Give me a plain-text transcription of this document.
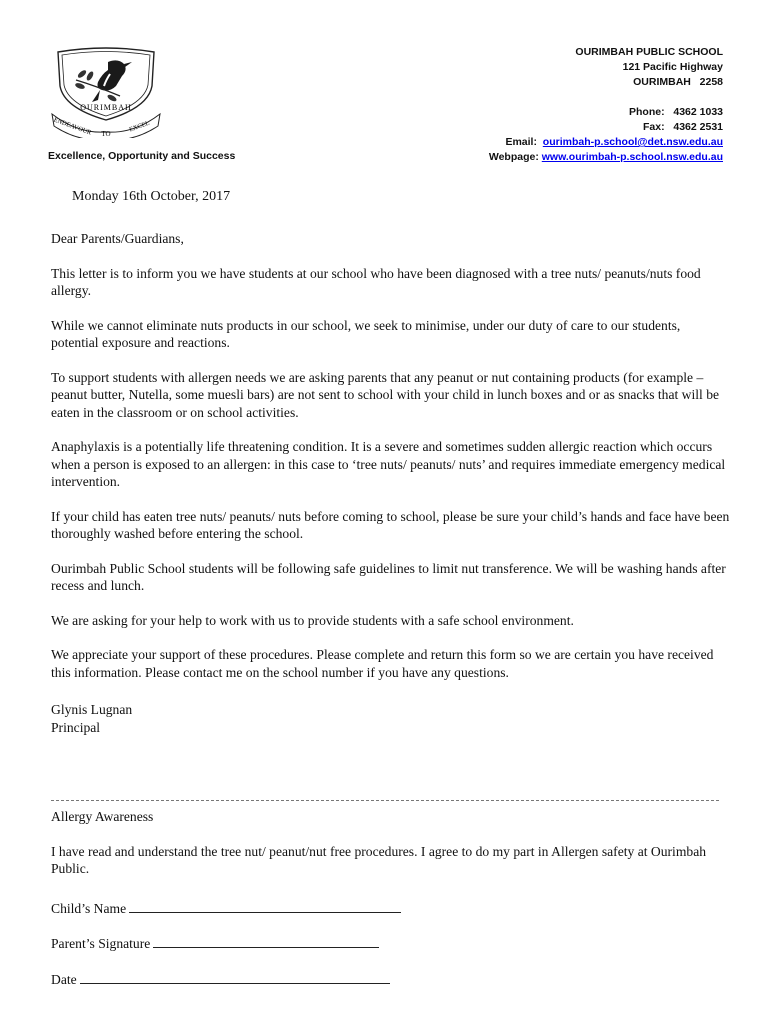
OURIMBAH
ENDEAVOUR TO
EXCEL
Excellence, Opportunity and Success
OURIMBAH PUBLIC SCHOOL
121 Pacific Highway
OURIMBAH   2258
Phone: 4362 1033
Fax: 4362 2531
Email: ourimbah-p.school@det.nsw.edu.au
Webpage: www.ourimbah-p.school.nsw.edu.au
Monday 16th October, 2017

Dear Parents/Guardians,

This letter is to inform you we have students at our school who have been diagnosed with a tree nuts/ peanuts/nuts food allergy.

While we cannot eliminate nuts products in our school, we seek to minimise, under our duty of care to our students, potential exposure and reactions.

To support students with allergen needs we are asking parents that any peanut or nut containing products (for example – peanut butter, Nutella, some muesli bars) are not sent to school with your child in lunch boxes and or as snacks that will be eaten in the classroom or on school activities.

Anaphylaxis is a potentially life threatening condition. It is a severe and sometimes sudden allergic reaction which occurs when a person is exposed to an allergen: in this case to ‘tree nuts/ peanuts/ nuts’ and requires immediate emergency medical intervention.

If your child has eaten tree nuts/ peanuts/ nuts before coming to school, please be sure your child’s hands and face have been thoroughly washed before entering the school.

Ourimbah Public School students will be following safe guidelines to limit nut transference. We will be washing hands after recess and lunch.

We are asking for your help to work with us to provide students with a safe school environment.

We appreciate your support of these procedures. Please complete and return this form so we are certain you have received this information. Please contact me on the school number if you have any questions.

Glynis Lugnan
Principal

Allergy Awareness

I have read and understand the tree nut/ peanut/nut free procedures. I agree to do my part in Allergen safety at Ourimbah Public.

Child’s Name
Parent’s Signature
Date
